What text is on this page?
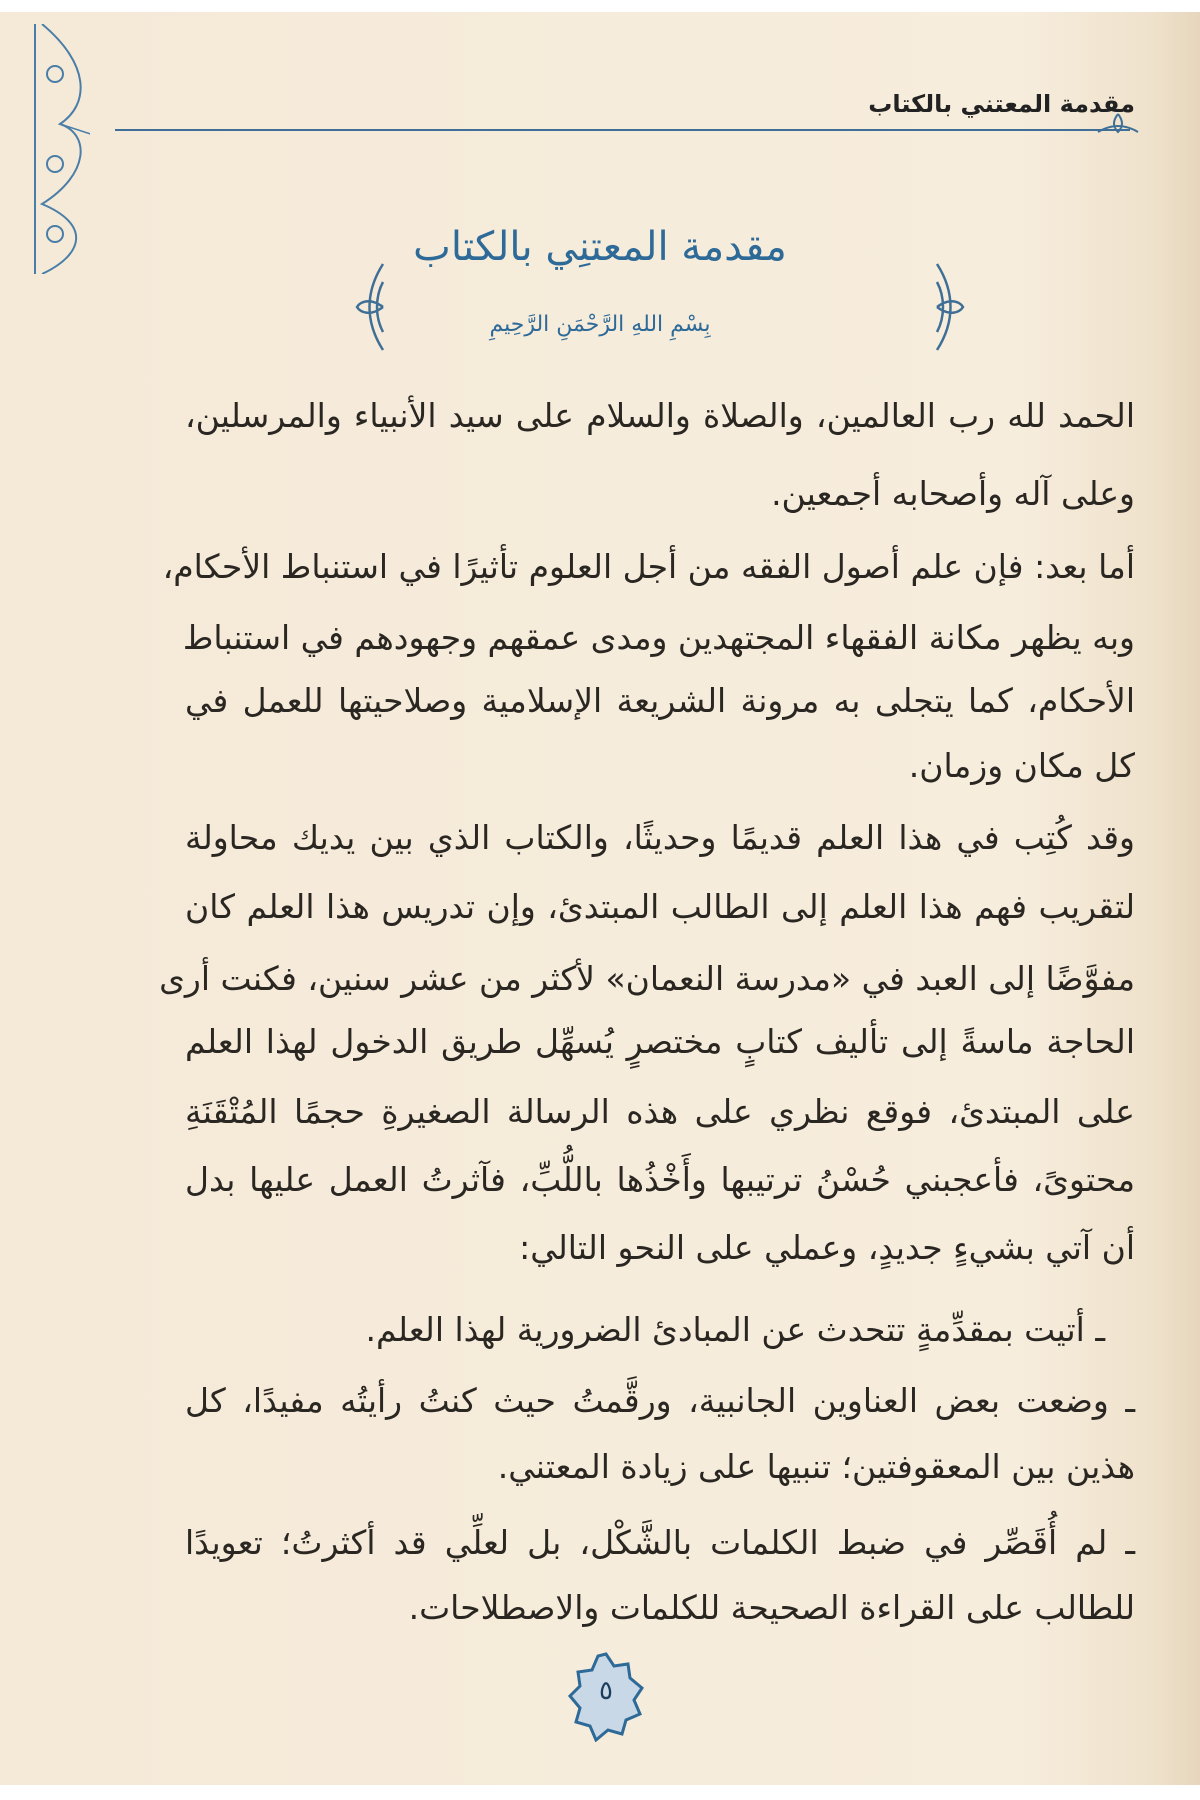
مقدمة المعتني بالكتاب
مقدمة المعتنِي بالكتاب
بِسْمِ اللهِ الرَّحْمَنِ الرَّحِيمِ
الحمد لله رب العالمين، والصلاة والسلام على سيد الأنبياء والمرسلين،
وعلى آله وأصحابه أجمعين.
أما بعد: فإن علم أصول الفقه من أجل العلوم تأثيرًا في استنباط الأحكام،
وبه يظهر مكانة الفقهاء المجتهدين ومدى عمقهم وجهودهم في استنباط
الأحكام، كما يتجلى به مرونة الشريعة الإسلامية وصلاحيتها للعمل في
كل مكان وزمان.
وقد كُتِب في هذا العلم قديمًا وحديثًا، والكتاب الذي بين يديك محاولة
لتقريب فهم هذا العلم إلى الطالب المبتدئ، وإن تدريس هذا العلم كان
مفوَّضًا إلى العبد في «مدرسة النعمان» لأكثر من عشر سنين، فكنت أرى
الحاجة ماسةً إلى تأليف كتابٍ مختصرٍ يُسهِّل طريق الدخول لهذا العلم
على المبتدئ، فوقع نظري على هذه الرسالة الصغيرةِ حجمًا المُتْقَنَةِ
محتوىً، فأعجبني حُسْنُ ترتيبها وأَخْذُها باللُّبِّ، فآثرتُ العمل عليها بدل
أن آتي بشيءٍ جديدٍ، وعملي على النحو التالي:
ـ أتيت بمقدِّمةٍ تتحدث عن المبادئ الضرورية لهذا العلم.
ـ وضعت بعض العناوين الجانبية، ورقَّمتُ حيث كنتُ رأيتُه مفيدًا، كل
هذين بين المعقوفتين؛ تنبيها على زيادة المعتني.
ـ لم أُقَصِّر في ضبط الكلمات بالشَّكْل، بل لعلِّي قد أكثرتُ؛ تعويدًا
للطالب على القراءة الصحيحة للكلمات والاصطلاحات.
٥
